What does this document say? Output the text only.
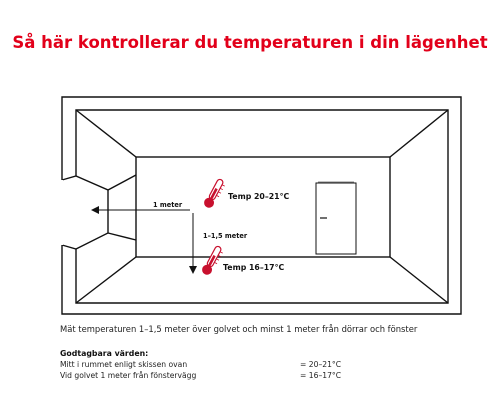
Så här kontrollerar du temperaturen i din lägenhet
1 meter
1–1,5 meter
Temp 20–21°C
Temp 16–17°C
Mät temperaturen 1–1,5 meter över golvet och minst 1 meter från dörrar och fönster
Godtagbara värden:
Mitt i rummet enligt skissen ovan	= 20–21°C
Vid golvet 1 meter från fönstervägg	= 16–17°C
